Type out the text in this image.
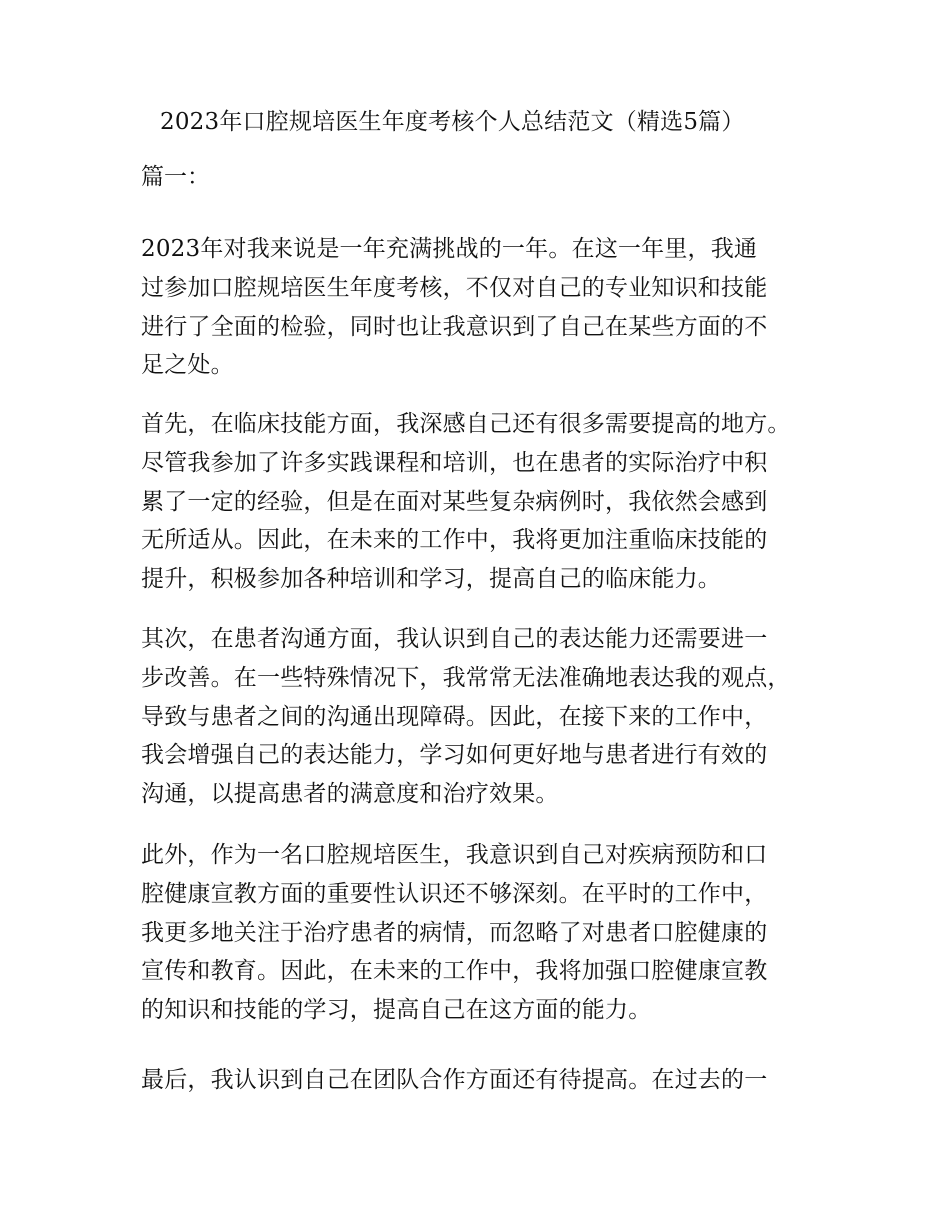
2023年口腔规培医生年度考核个人总结范文（精选5篇）
篇一：
2023年对我来说是一年充满挑战的一年。在这一年里，我通
过参加口腔规培医生年度考核，不仅对自己的专业知识和技能
进行了全面的检验，同时也让我意识到了自己在某些方面的不
足之处。
首先，在临床技能方面，我深感自己还有很多需要提高的地方。
尽管我参加了许多实践课程和培训，也在患者的实际治疗中积
累了一定的经验，但是在面对某些复杂病例时，我依然会感到
无所适从。因此，在未来的工作中，我将更加注重临床技能的
提升，积极参加各种培训和学习，提高自己的临床能力。
其次，在患者沟通方面，我认识到自己的表达能力还需要进一
步改善。在一些特殊情况下，我常常无法准确地表达我的观点，
导致与患者之间的沟通出现障碍。因此，在接下来的工作中，
我会增强自己的表达能力，学习如何更好地与患者进行有效的
沟通，以提高患者的满意度和治疗效果。
此外，作为一名口腔规培医生，我意识到自己对疾病预防和口
腔健康宣教方面的重要性认识还不够深刻。在平时的工作中，
我更多地关注于治疗患者的病情，而忽略了对患者口腔健康的
宣传和教育。因此，在未来的工作中，我将加强口腔健康宣教
的知识和技能的学习，提高自己在这方面的能力。
最后，我认识到自己在团队合作方面还有待提高。在过去的一
